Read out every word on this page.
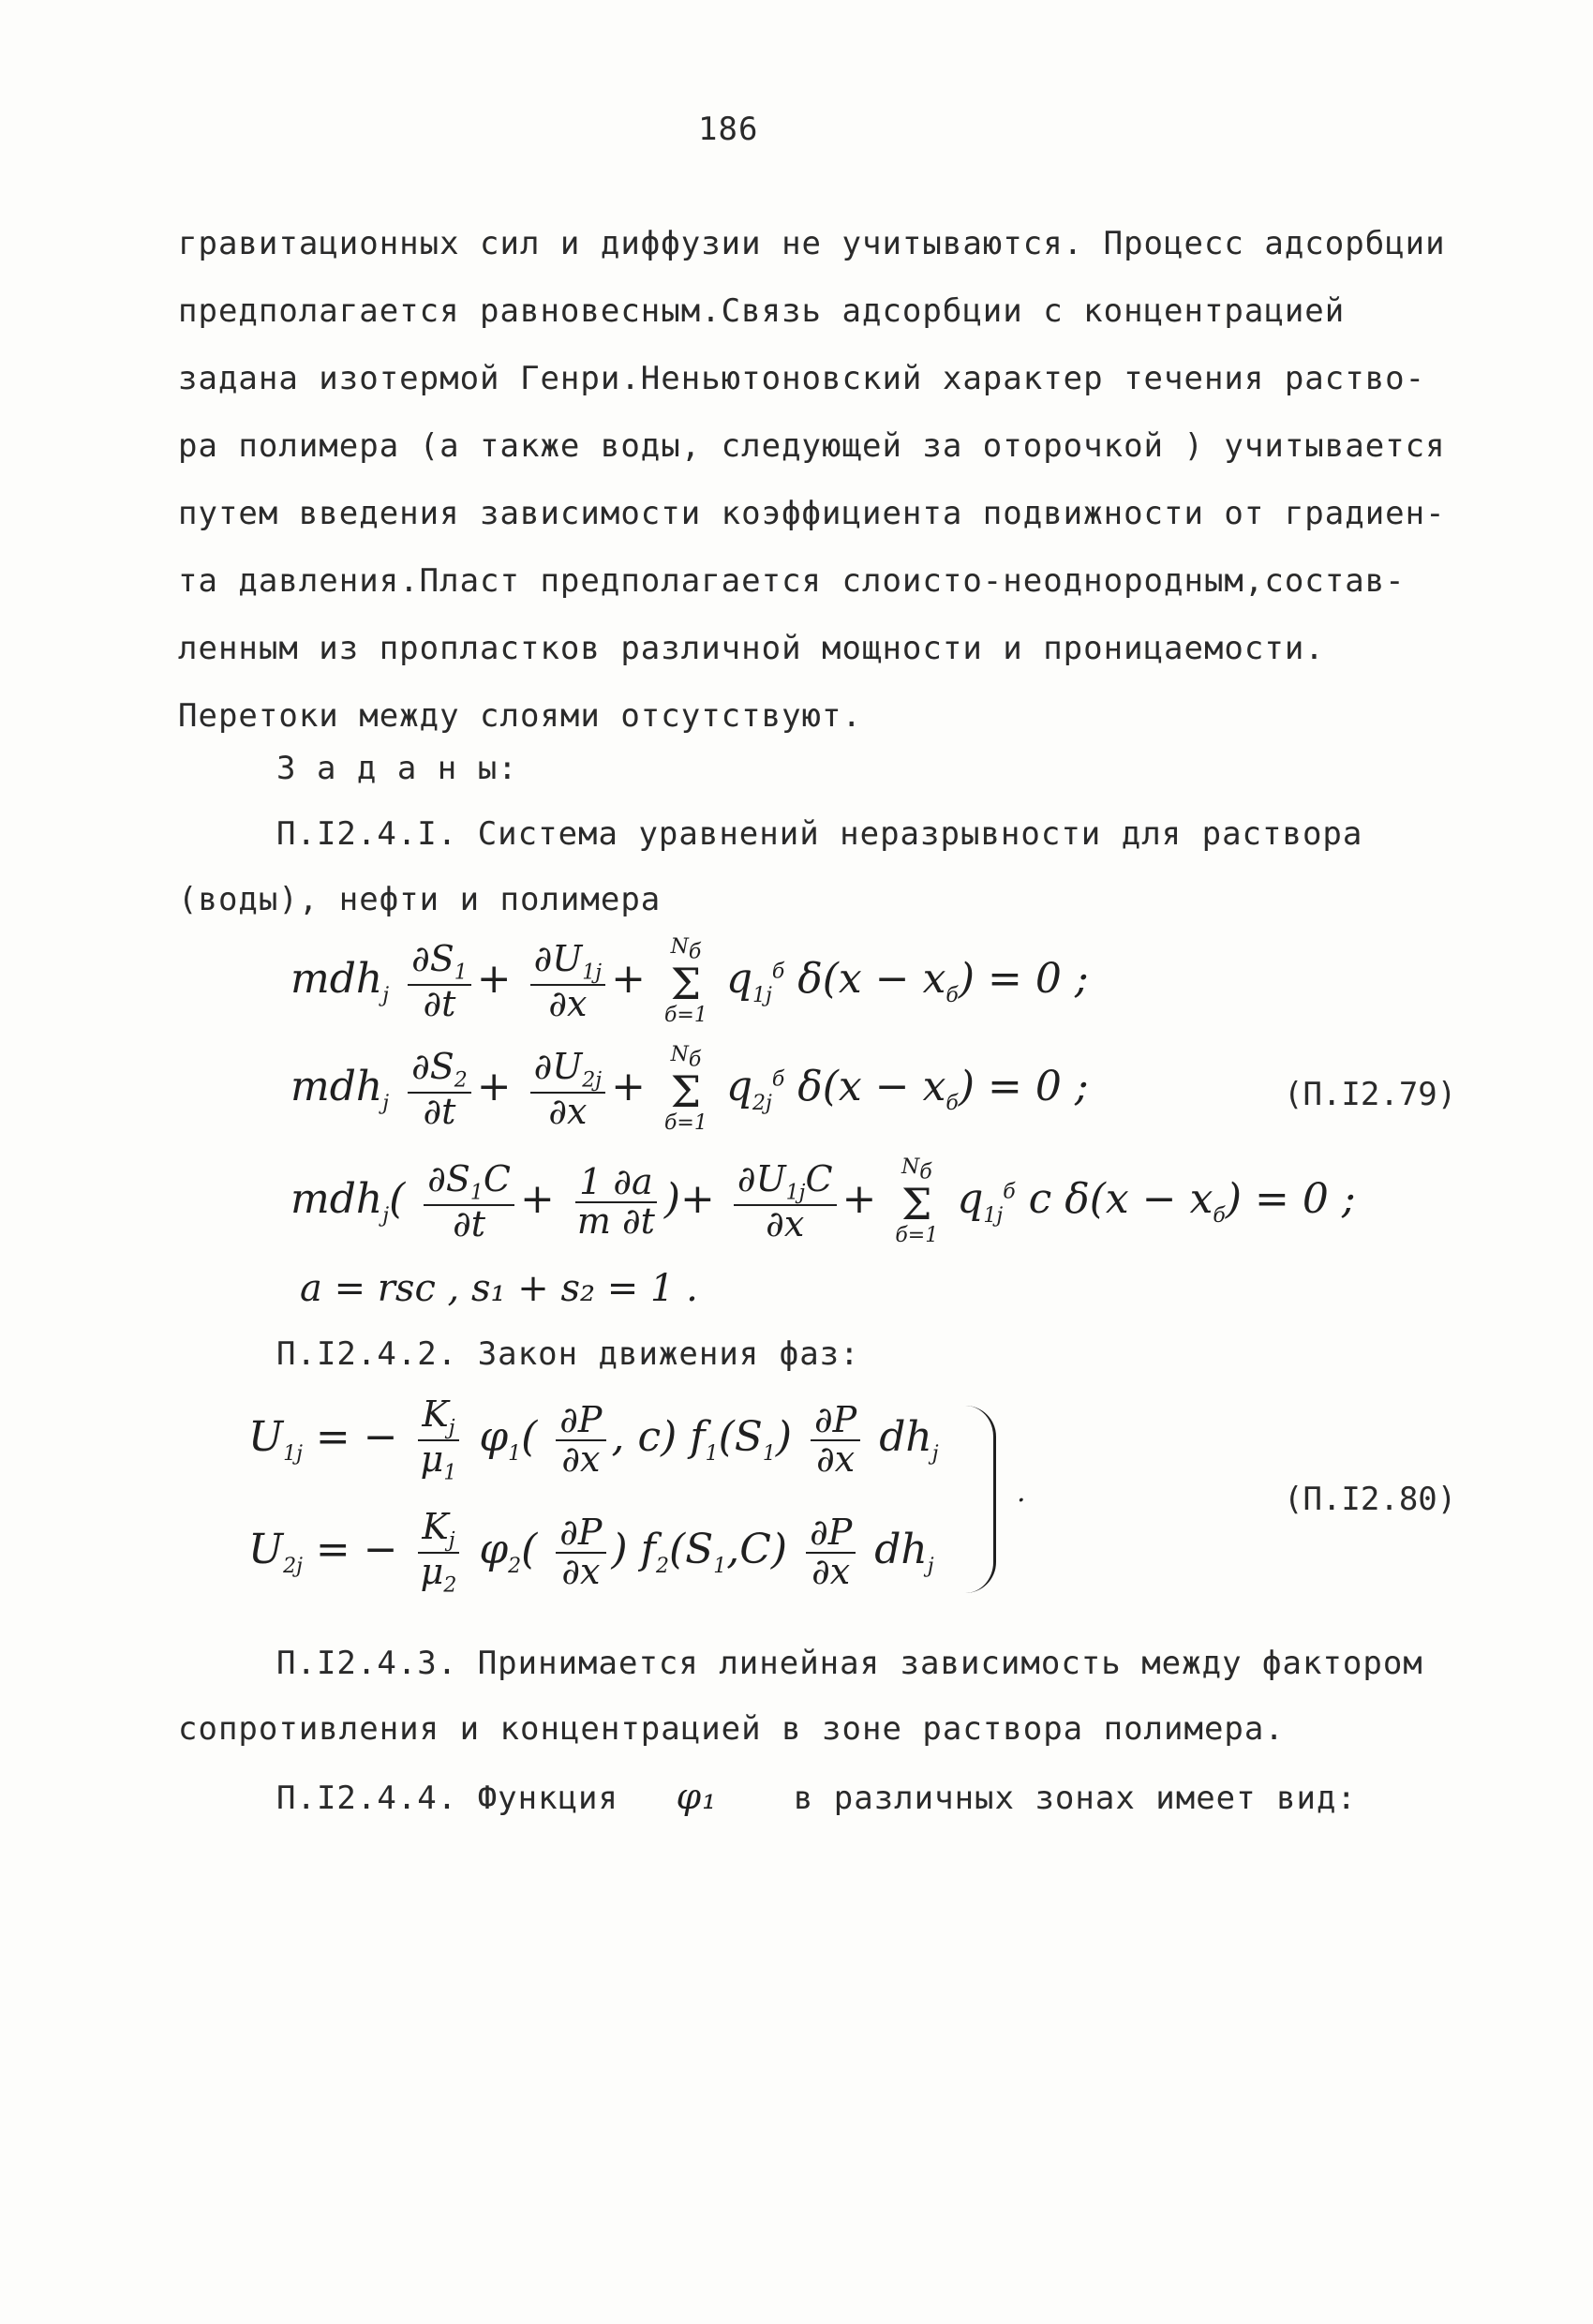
186
гравитационных сил и диффузии не учитываются. Процесс адсорбции
предполагается равновесным.Связь адсорбции с концентрацией
задана изотермой Генри.Неньютоновский характер течения раство-
ра полимера (а также воды, следующей за оторочкой ) учитывается
путем введения зависимости коэффициента подвижности от градиен-
та давления.Пласт предполагается слоисто-неоднородным,состав-
ленным из пропластков различной мощности и проницаемости.
Перетоки между слоями отсутствуют.
З а д а н ы:
П.I2.4.I. Система уравнений неразрывности для раствора
(воды), нефти и полимера
$mdh_j \frac{\partial S_1}{\partial t} + \frac{\partial U_{1j}}{\partial x}$ +
$N_б$
Σ
б=1
$q_{1j}^б$ $\delta(x - x_б) = 0$ ;
$mdh_j \frac{\partial S_2}{\partial t} + \frac{\partial U_{2j}}{\partial x}$ +
$N_б$
Σ
б=1
$q_{2j}^б$ $\delta(x - x_б) = 0$ ;	(П.I2.79)
$mdh_j( \frac{\partial S_1C}{\partial t} + \frac{1 \partial a}{m \partial t}$ )+ $\frac{\partial U_{1j}C}{\partial x}$ +
$N_б$
Σ
б=1
$q_{1j}^б$ c $\delta(x - x_б) = 0$ ;
a = rsc , s₁ + s₂ = 1 .
П.I2.4.2. Закон движения фаз:
$U_{1j}$ = − $\frac{K_j}{\mu_1} \varphi_1( \frac{\partial P}{\partial x}$ , c) $f_1(S_1) \frac{\partial P}{\partial x} dh_j$
$U_{2j}$ = − $\frac{K_j}{\mu_2} \varphi_2( \frac{\partial P}{\partial x}$ ) $f_2(S_1,C) \frac{\partial P}{\partial x} dh_j$
.	(П.I2.80)
П.I2.4.3. Принимается линейная зависимость между фактором
сопротивления и концентрацией в зоне раствора полимера.
П.I2.4.4. Функция φ₁ в различных зонах имеет вид:
